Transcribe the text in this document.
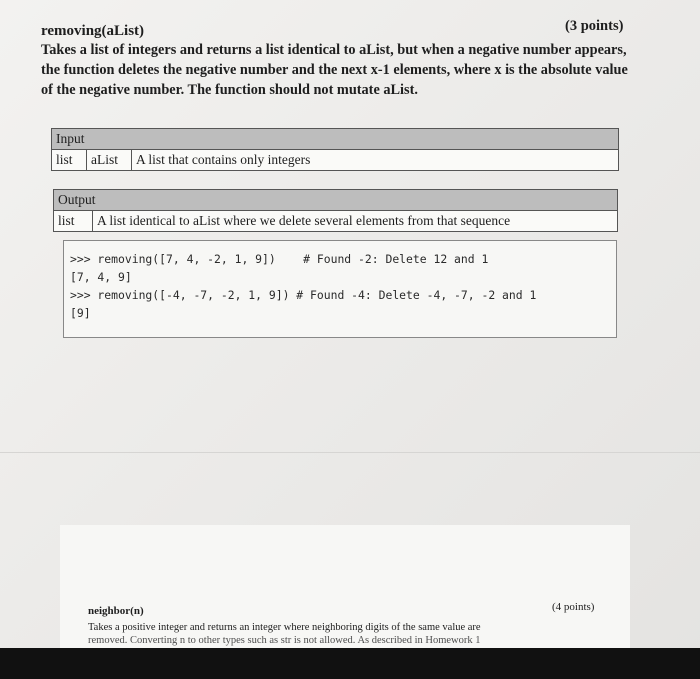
removing(aList)	(3 points)
Takes a list of integers and returns a list identical to aList, but when a negative number appears, the function deletes the negative number and the next x-1 elements, where x is the absolute value of the negative number. The function should not mutate aList.
Input
list	aList	A list that contains only integers
Output
list	A list identical to aList where we delete several elements from that sequence
>>> removing([7, 4, -2, 1, 9])    # Found -2: Delete 12 and 1
[7, 4, 9]
>>> removing([-4, -7, -2, 1, 9]) # Found -4: Delete -4, -7, -2 and 1
[9]
neighbor(n)	(4 points)
Takes a positive integer and returns an integer where neighboring digits of the same value are
removed. Converting n to other types such as str is not allowed. As described in Homework 1
